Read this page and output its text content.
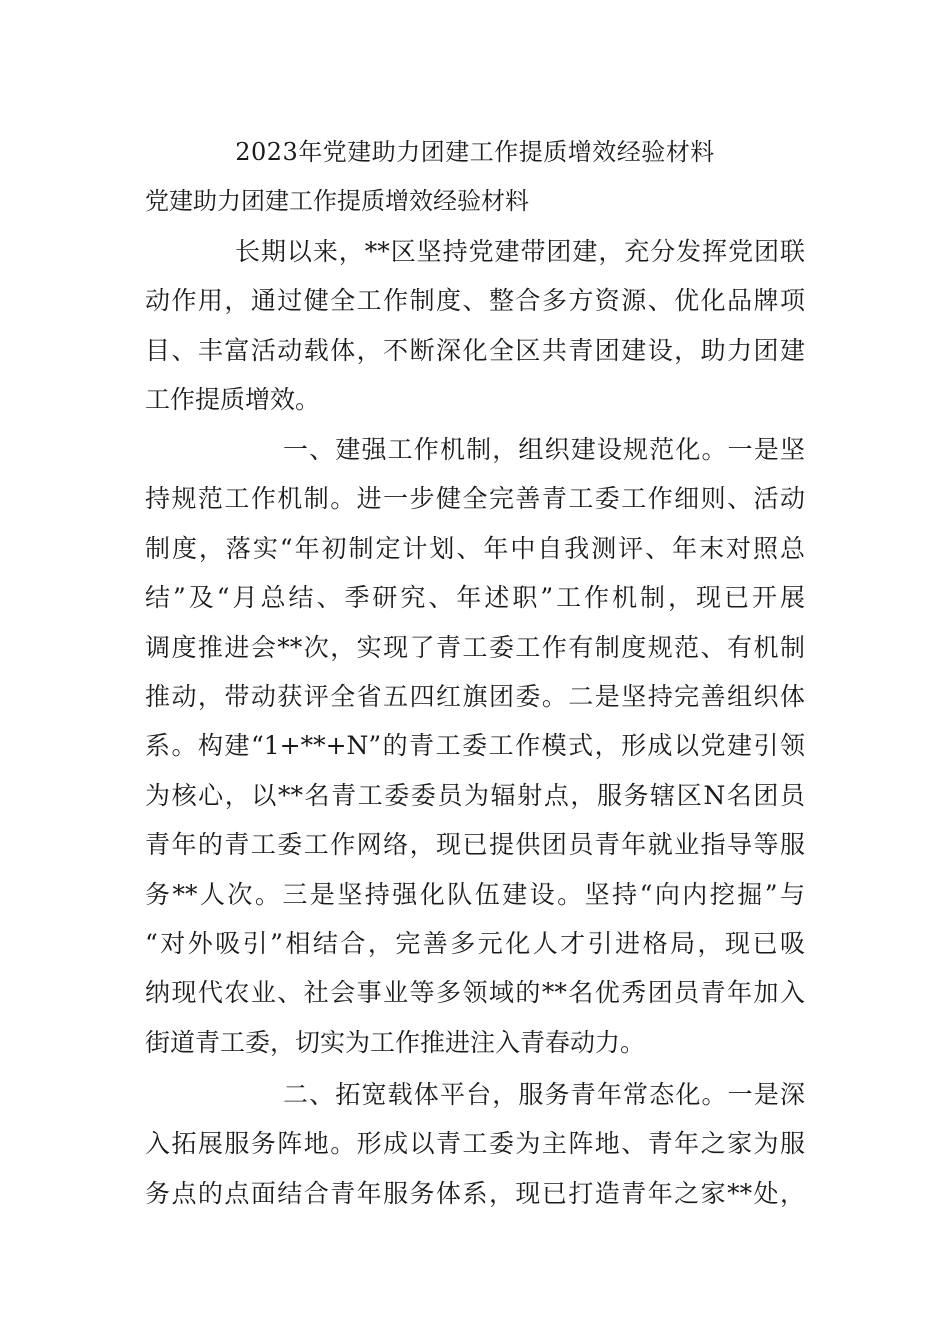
2023年党建助力团建工作提质增效经验材料
党建助力团建工作提质增效经验材料
长期以来，**区坚持党建带团建，充分发挥党团联
动作用，通过健全工作制度、整合多方资源、优化品牌项
目、丰富活动载体，不断深化全区共青团建设，助力团建
工作提质增效。
一、建强工作机制，组织建设规范化。一是坚
持规范工作机制。进一步健全完善青工委工作细则、活动
制度，落实“年初制定计划、年中自我测评、年末对照总
结”及“月总结、季研究、年述职”工作机制，现已开展
调度推进会**次，实现了青工委工作有制度规范、有机制
推动，带动获评全省五四红旗团委。二是坚持完善组织体
系。构建“1+**+N”的青工委工作模式，形成以党建引领
为核心，以**名青工委委员为辐射点，服务辖区N名团员
青年的青工委工作网络，现已提供团员青年就业指导等服
务**人次。三是坚持强化队伍建设。坚持“向内挖掘”与
“对外吸引”相结合，完善多元化人才引进格局，现已吸
纳现代农业、社会事业等多领域的**名优秀团员青年加入
街道青工委，切实为工作推进注入青春动力。
二、拓宽载体平台，服务青年常态化。一是深
入拓展服务阵地。形成以青工委为主阵地、青年之家为服
务点的点面结合青年服务体系，现已打造青年之家**处，
